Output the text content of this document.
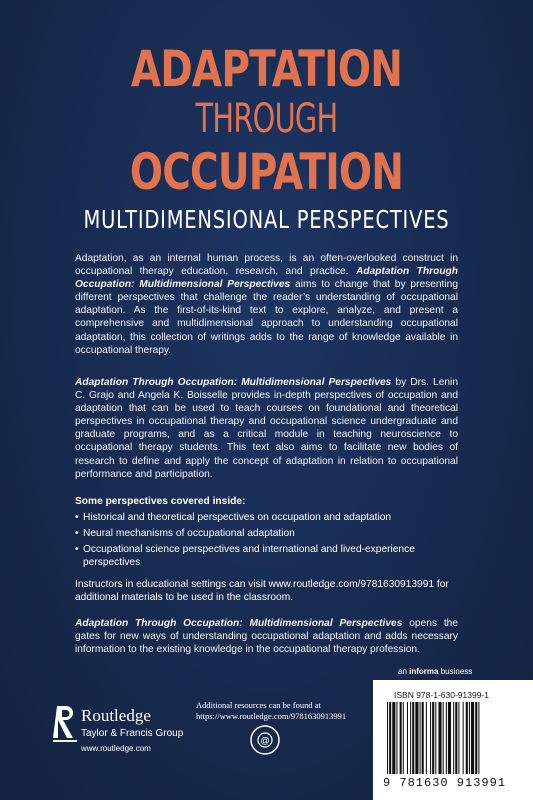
ADAPTATION
THROUGH
OCCUPATION
MULTIDIMENSIONAL PERSPECTIVES
Adaptation, as an internal human process, is an often-overlooked construct in occupational therapy education, research, and practice. Adaptation Through Occupation: Multidimensional Perspectives aims to change that by presenting different perspectives that challenge the reader’s understanding of occupational adaptation. As the first-of-its-kind text to explore, analyze, and present a comprehensive and multidimensional approach to understanding occupational adaptation, this collection of writings adds to the range of knowledge available in occupational therapy.
Adaptation Through Occupation: Multidimensional Perspectives by Drs. Lenin C. Grajo and Angela K. Boisselle provides in-depth perspectives of occupation and adaptation that can be used to teach courses on foundational and theoretical perspectives in occupational therapy and occupational science undergraduate and graduate programs, and as a critical module in teaching neuroscience to occupational therapy students. This text also aims to facilitate new bodies of research to define and apply the concept of adaptation in relation to occupational performance and participation.
Some perspectives covered inside:
• Historical and theoretical perspectives on occupation and adaptation
• Neural mechanisms of occupational adaptation
• Occupational science perspectives and international and lived-experience perspectives
Instructors in educational settings can visit www.routledge.com/9781630913991 for additional materials to be used in the classroom.
Adaptation Through Occupation: Multidimensional Perspectives opens the gates for new ways of understanding occupational adaptation and adds necessary information to the existing knowledge in the occupational therapy profession.
an informa business
ISBN 978-1-630-91399-1
9 781630 913991
Routledge
Taylor & Francis Group
www.routledge.com
Additional resources can be found at
https://www.routledge.com/9781630913991
@
